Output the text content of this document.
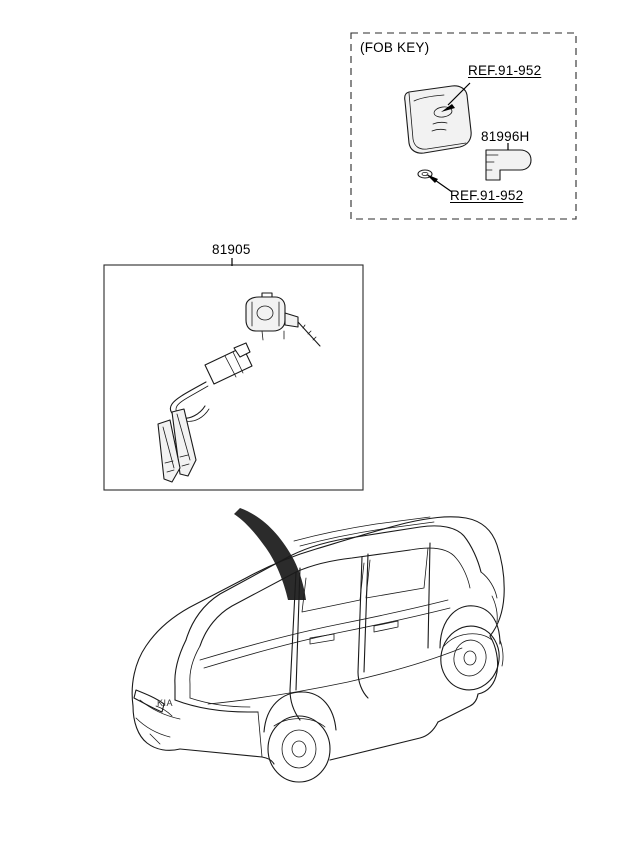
(FOB KEY)
REF.91-952
81996H
REF.91-952
81905
KIA
